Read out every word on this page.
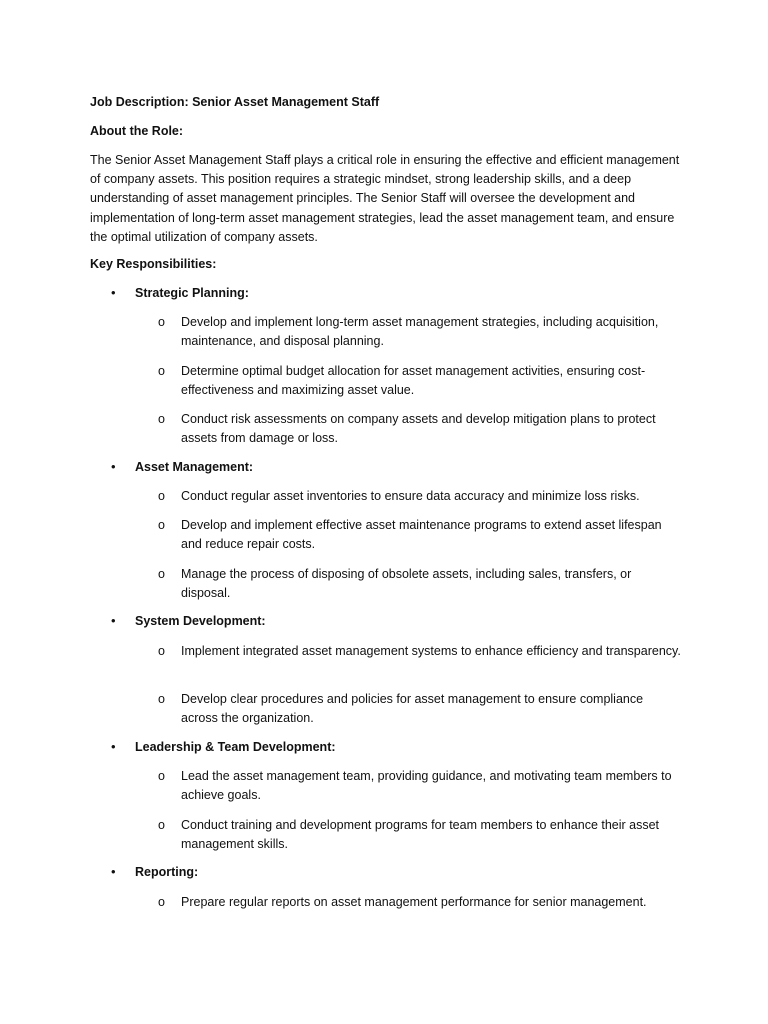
Job Description: Senior Asset Management Staff
About the Role:
The Senior Asset Management Staff plays a critical role in ensuring the effective and efficient management of company assets. This position requires a strategic mindset, strong leadership skills, and a deep understanding of asset management principles. The Senior Staff will oversee the development and implementation of long-term asset management strategies, lead the asset management team, and ensure the optimal utilization of company assets.
Key Responsibilities:
• Strategic Planning:
o Develop and implement long-term asset management strategies, including acquisition, maintenance, and disposal planning.
o Determine optimal budget allocation for asset management activities, ensuring cost-effectiveness and maximizing asset value.
o Conduct risk assessments on company assets and develop mitigation plans to protect assets from damage or loss.
• Asset Management:
o Conduct regular asset inventories to ensure data accuracy and minimize loss risks.
o Develop and implement effective asset maintenance programs to extend asset lifespan and reduce repair costs.
o Manage the process of disposing of obsolete assets, including sales, transfers, or disposal.
• System Development:
o Implement integrated asset management systems to enhance efficiency and transparency.
o Develop clear procedures and policies for asset management to ensure compliance across the organization.
• Leadership & Team Development:
o Lead the asset management team, providing guidance, and motivating team members to achieve goals.
o Conduct training and development programs for team members to enhance their asset management skills.
• Reporting:
o Prepare regular reports on asset management performance for senior management.
